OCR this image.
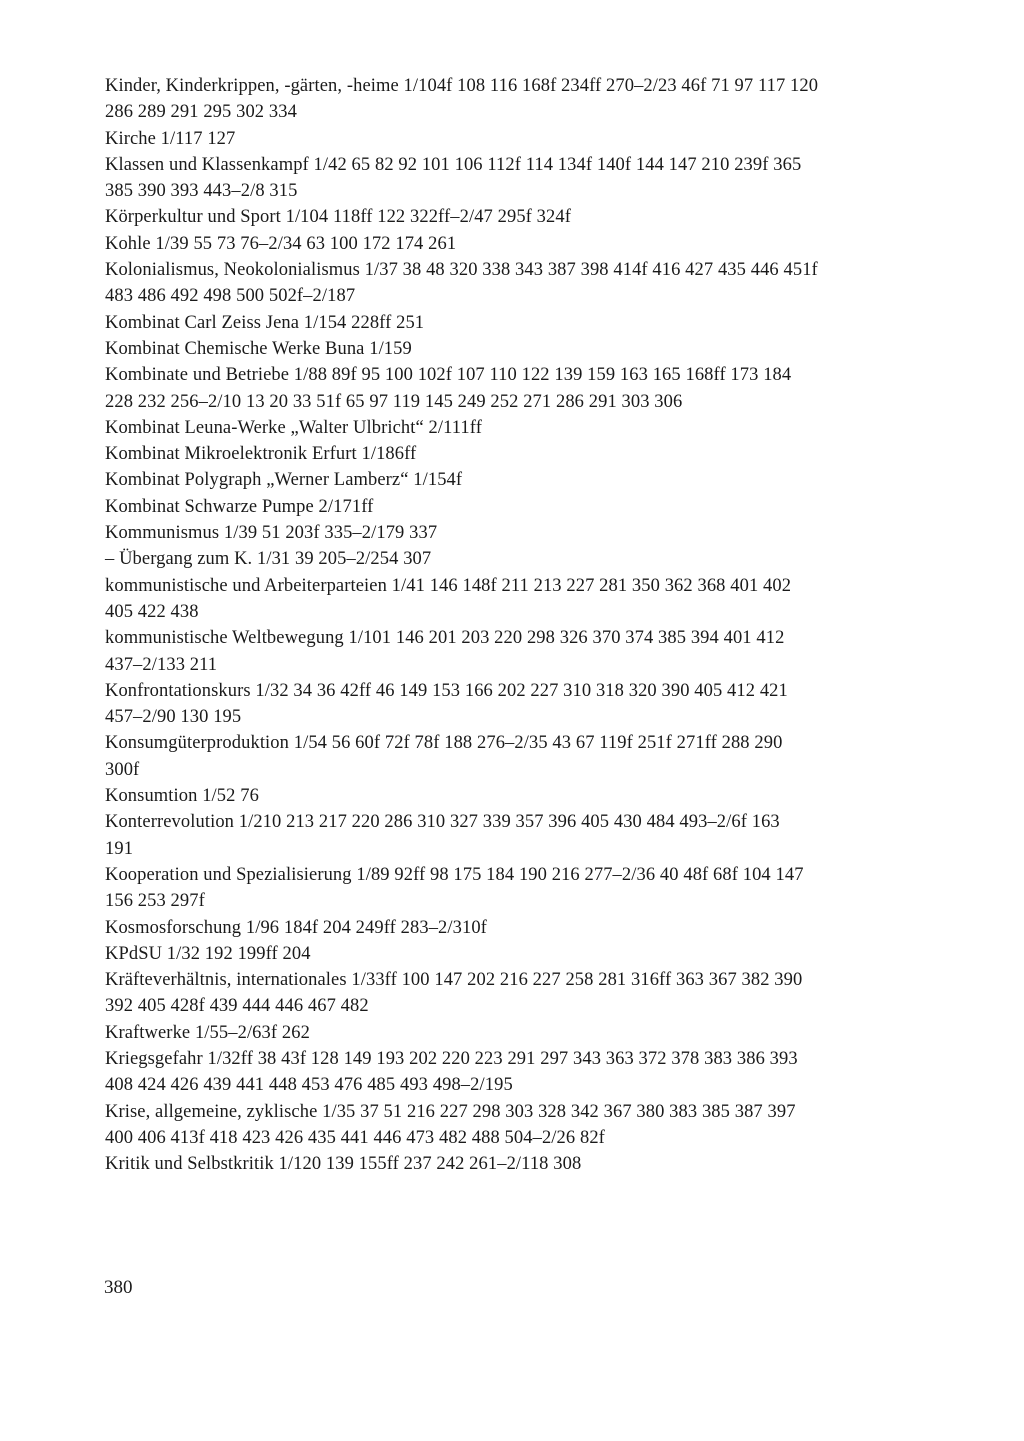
Kinder, Kinderkrippen, -gärten, -heime 1/104f 108 116 168f 234ff 270–2/23 46f 71 97 117 120
286 289 291 295 302 334
Kirche 1/117 127
Klassen und Klassenkampf 1/42 65 82 92 101 106 112f 114 134f 140f 144 147 210 239f 365
385 390 393 443–2/8 315
Körperkultur und Sport 1/104 118ff 122 322ff–2/47 295f 324f
Kohle 1/39 55 73 76–2/34 63 100 172 174 261
Kolonialismus, Neokolonialismus 1/37 38 48 320 338 343 387 398 414f 416 427 435 446 451f
483 486 492 498 500 502f–2/187
Kombinat Carl Zeiss Jena 1/154 228ff 251
Kombinat Chemische Werke Buna 1/159
Kombinate und Betriebe 1/88 89f 95 100 102f 107 110 122 139 159 163 165 168ff 173 184
228 232 256–2/10 13 20 33 51f 65 97 119 145 249 252 271 286 291 303 306
Kombinat Leuna-Werke „Walter Ulbricht“ 2/111ff
Kombinat Mikroelektronik Erfurt 1/186ff
Kombinat Polygraph „Werner Lamberz“ 1/154f
Kombinat Schwarze Pumpe 2/171ff
Kommunismus 1/39 51 203f 335–2/179 337
– Übergang zum K. 1/31 39 205–2/254 307
kommunistische und Arbeiterparteien 1/41 146 148f 211 213 227 281 350 362 368 401 402
405 422 438
kommunistische Weltbewegung 1/101 146 201 203 220 298 326 370 374 385 394 401 412
437–2/133 211
Konfrontationskurs 1/32 34 36 42ff 46 149 153 166 202 227 310 318 320 390 405 412 421
457–2/90 130 195
Konsumgüterproduktion 1/54 56 60f 72f 78f 188 276–2/35 43 67 119f 251f 271ff 288 290
300f
Konsumtion 1/52 76
Konterrevolution 1/210 213 217 220 286 310 327 339 357 396 405 430 484 493–2/6f 163
191
Kooperation und Spezialisierung 1/89 92ff 98 175 184 190 216 277–2/36 40 48f 68f 104 147
156 253 297f
Kosmosforschung 1/96 184f 204 249ff 283–2/310f
KPdSU 1/32 192 199ff 204
Kräfteverhältnis, internationales 1/33ff 100 147 202 216 227 258 281 316ff 363 367 382 390
392 405 428f 439 444 446 467 482
Kraftwerke 1/55–2/63f 262
Kriegsgefahr 1/32ff 38 43f 128 149 193 202 220 223 291 297 343 363 372 378 383 386 393
408 424 426 439 441 448 453 476 485 493 498–2/195
Krise, allgemeine, zyklische 1/35 37 51 216 227 298 303 328 342 367 380 383 385 387 397
400 406 413f 418 423 426 435 441 446 473 482 488 504–2/26 82f
Kritik und Selbstkritik 1/120 139 155ff 237 242 261–2/118 308
380
